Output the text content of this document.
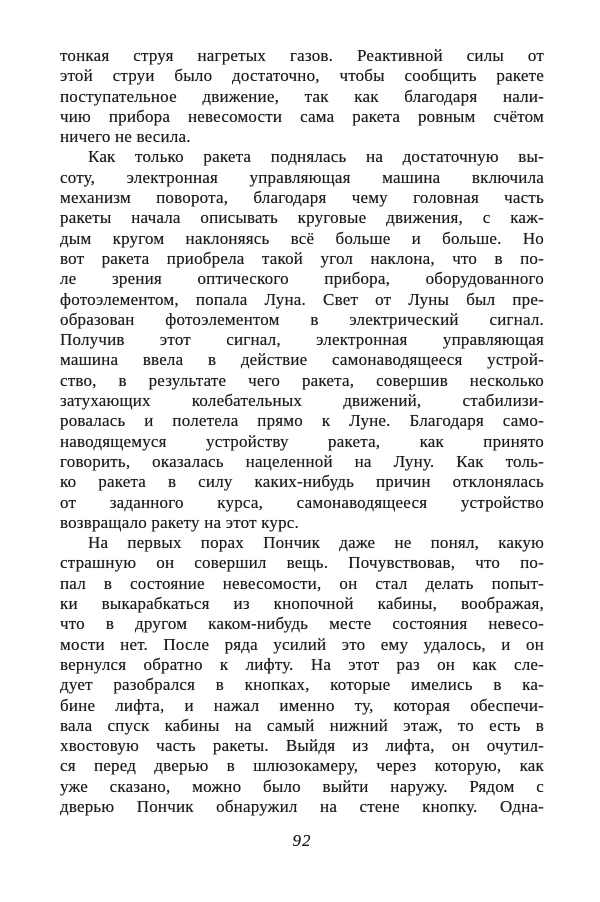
тонкая струя нагретых газов. Реактивной силы от
этой струи было достаточно, чтобы сообщить ракете
поступательное движение, так как благодаря нали-
чию прибора невесомости сама ракета ровным счётом
ничего не весила.
Как только ракета поднялась на достаточную вы-
соту, электронная управляющая машина включила
механизм поворота, благодаря чему головная часть
ракеты начала описывать круговые движения, с каж-
дым кругом наклоняясь всё больше и больше. Но
вот ракета приобрела такой угол наклона, что в по-
ле зрения оптического прибора, оборудованного
фотоэлементом, попала Луна. Свет от Луны был пре-
образован фотоэлементом в электрический сигнал.
Получив этот сигнал, электронная управляющая
машина ввела в действие самонаводящееся устрой-
ство, в результате чего ракета, совершив несколько
затухающих колебательных движений, стабилизи-
ровалась и полетела прямо к Луне. Благодаря само-
наводящемуся устройству ракета, как принято
говорить, оказалась нацеленной на Луну. Как толь-
ко ракета в силу каких-нибудь причин отклонялась
от заданного курса, самонаводящееся устройство
возвращало ракету на этот курс.
На первых порах Пончик даже не понял, какую
страшную он совершил вещь. Почувствовав, что по-
пал в состояние невесомости, он стал делать попыт-
ки выкарабкаться из кнопочной кабины, воображая,
что в другом каком-нибудь месте состояния невесо-
мости нет. После ряда усилий это ему удалось, и он
вернулся обратно к лифту. На этот раз он как сле-
дует разобрался в кнопках, которые имелись в ка-
бине лифта, и нажал именно ту, которая обеспечи-
вала спуск кабины на самый нижний этаж, то есть в
хвостовую часть ракеты. Выйдя из лифта, он очутил-
ся перед дверью в шлюзокамеру, через которую, как
уже сказано, можно было выйти наружу. Рядом с
дверью Пончик обнаружил на стене кнопку. Одна-
92
